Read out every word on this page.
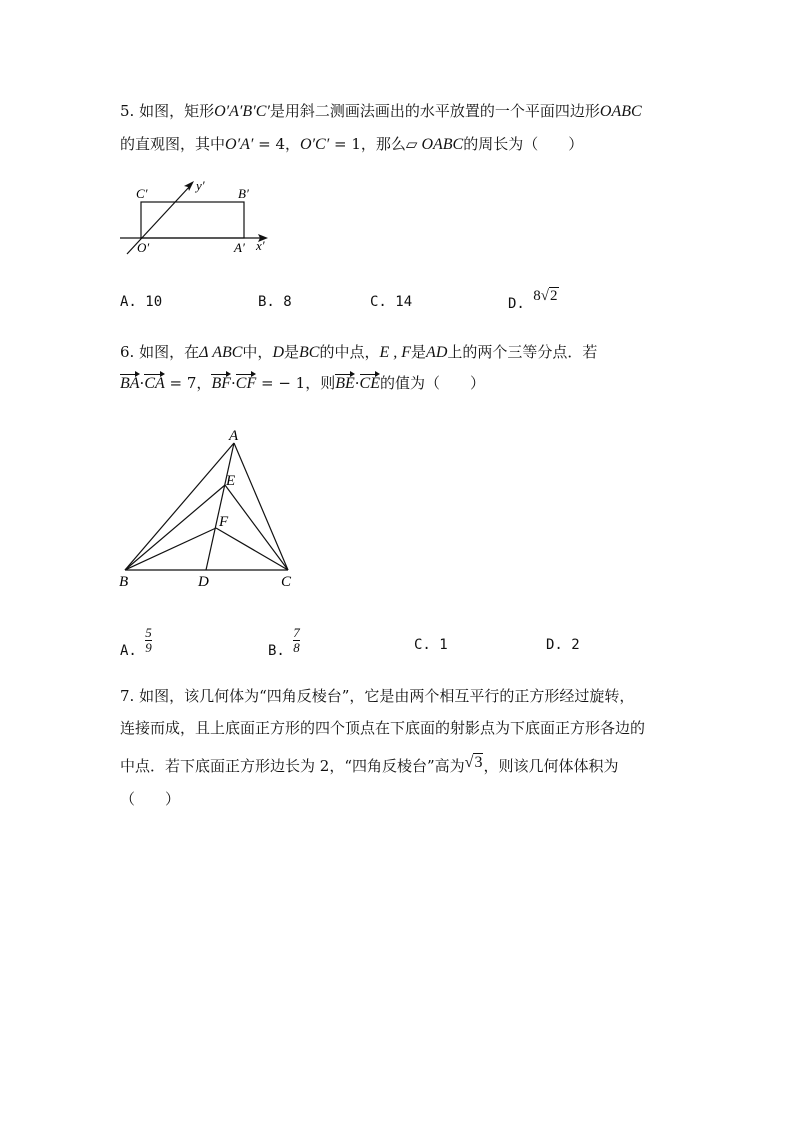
5. 如图，矩形O′A′B′C′是用斜二测画法画出的水平放置的一个平面四边形OABC
的直观图，其中O′A′ = 4，O′C′ = 1，那么▱ OABC的周长为（　　）
C′	B′
y′
O′	A′ x′
A. 10	B. 8	C. 14	D. 8√2
6. 如图，在Δ ABC中，D是BC的中点，E , F是AD上的两个三等分点．若
BA·CA = 7，BF·CF = − 1，则BE·CE的值为（　　）
A
E
F
B	D	C
A. $\frac{5}{9}$	B. $\frac{7}{8}$	C. 1	D. 2
7. 如图，该几何体为“四角反棱台”，它是由两个相互平行的正方形经过旋转，
连接而成，且上底面正方形的四个顶点在下底面的射影点为下底面正方形各边的
中点．若下底面正方形边长为 2，“四角反棱台”高为√3，则该几何体体积为
（　　）
